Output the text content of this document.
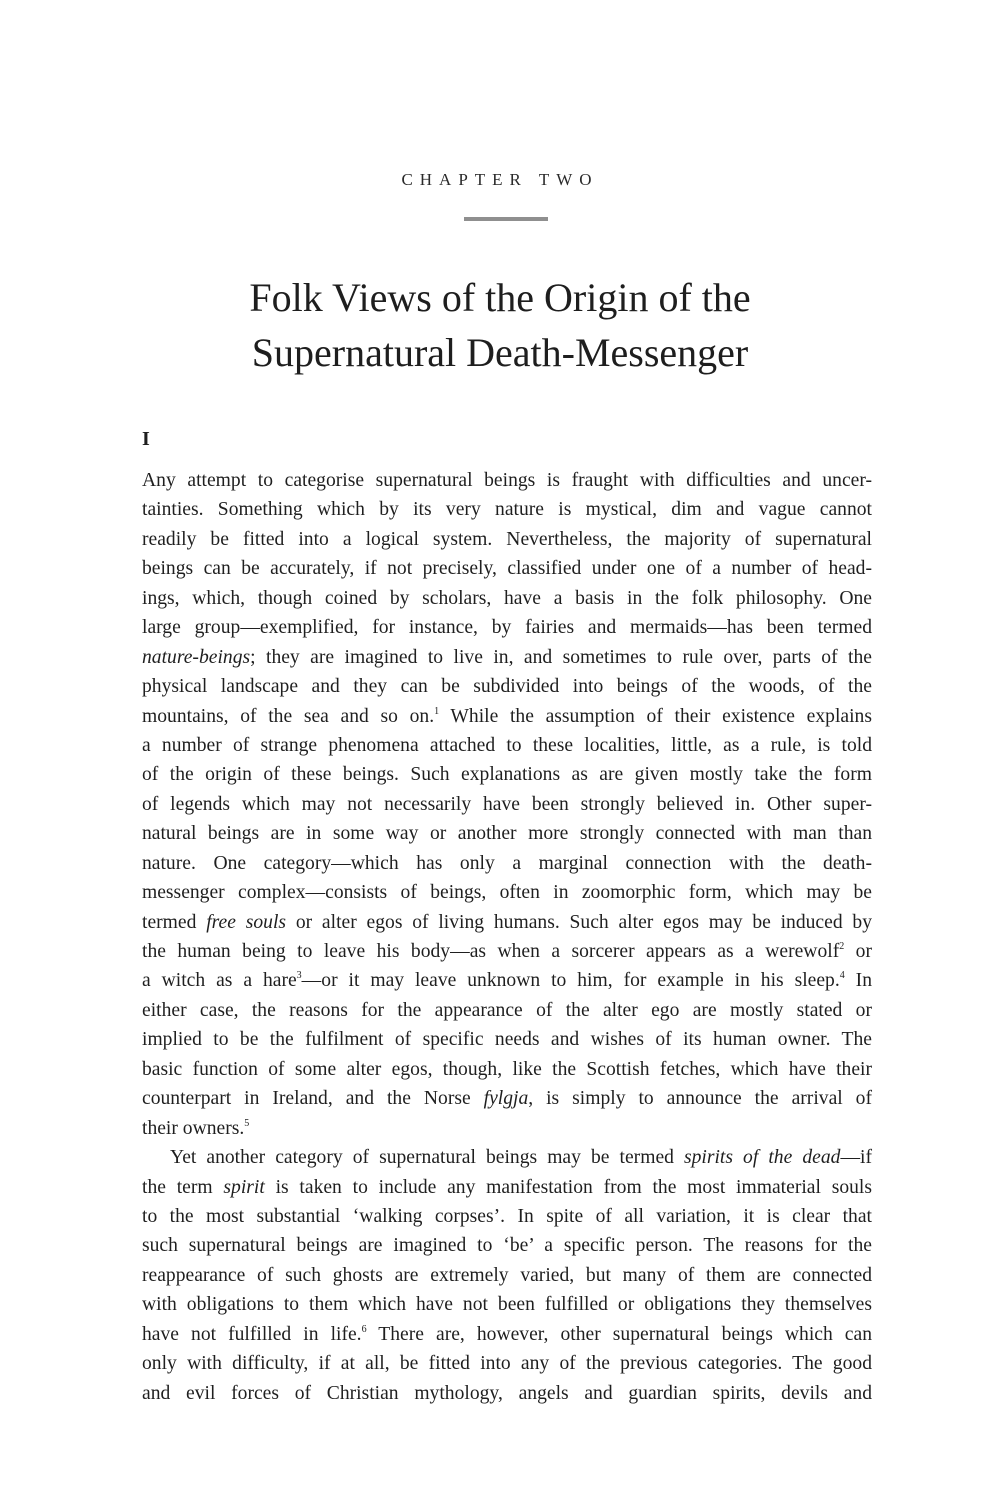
CHAPTER TWO
Folk Views of the Origin of the
Supernatural Death-Messenger
I
Any attempt to categorise supernatural beings is fraught with difficulties and uncer-
tainties. Something which by its very nature is mystical, dim and vague cannot
readily be fitted into a logical system. Nevertheless, the majority of supernatural
beings can be accurately, if not precisely, classified under one of a number of head-
ings, which, though coined by scholars, have a basis in the folk philosophy. One
large group—exemplified, for instance, by fairies and mermaids—has been termed
nature-beings; they are imagined to live in, and sometimes to rule over, parts of the
physical landscape and they can be subdivided into beings of the woods, of the
mountains, of the sea and so on.$^1$ While the assumption of their existence explains
a number of strange phenomena attached to these localities, little, as a rule, is told
of the origin of these beings. Such explanations as are given mostly take the form
of legends which may not necessarily have been strongly believed in. Other super-
natural beings are in some way or another more strongly connected with man than
nature. One category—which has only a marginal connection with the death-
messenger complex—consists of beings, often in zoomorphic form, which may be
termed free souls or alter egos of living humans. Such alter egos may be induced by
the human being to leave his body—as when a sorcerer appears as a werewolf$^2$ or
a witch as a hare$^3$—or it may leave unknown to him, for example in his sleep.$^4$ In
either case, the reasons for the appearance of the alter ego are mostly stated or
implied to be the fulfilment of specific needs and wishes of its human owner. The
basic function of some alter egos, though, like the Scottish fetches, which have their
counterpart in Ireland, and the Norse fylgja, is simply to announce the arrival of
their owners.$^5$
Yet another category of supernatural beings may be termed spirits of the dead—if
the term spirit is taken to include any manifestation from the most immaterial souls
to the most substantial ‘walking corpses’. In spite of all variation, it is clear that
such supernatural beings are imagined to ‘be’ a specific person. The reasons for the
reappearance of such ghosts are extremely varied, but many of them are connected
with obligations to them which have not been fulfilled or obligations they themselves
have not fulfilled in life.$^6$ There are, however, other supernatural beings which can
only with difficulty, if at all, be fitted into any of the previous categories. The good
and evil forces of Christian mythology, angels and guardian spirits, devils and
